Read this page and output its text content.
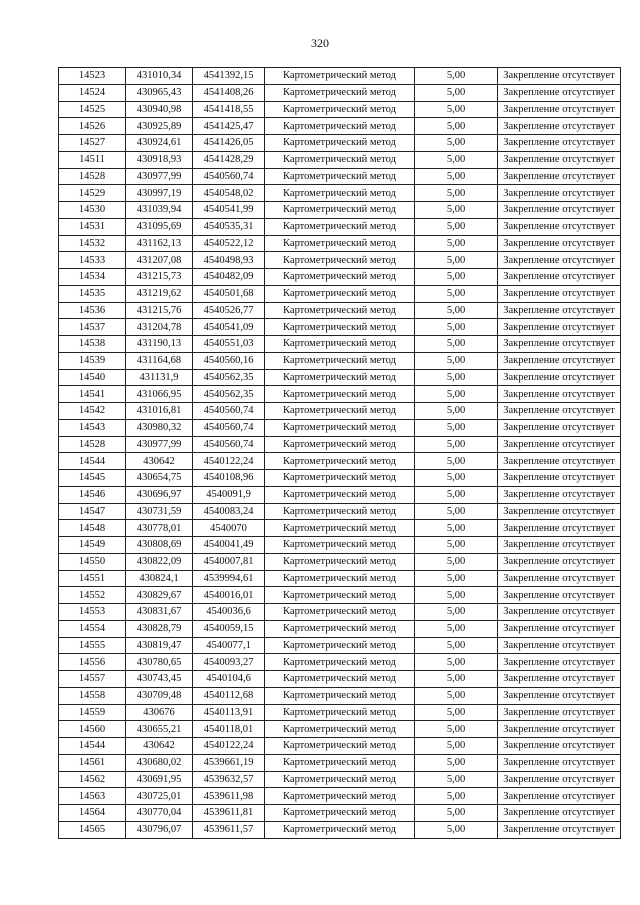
320
14523	431010,34	4541392,15	Картометрический метод	5,00	Закрепление отсутствует
14524	430965,43	4541408,26	Картометрический метод	5,00	Закрепление отсутствует
14525	430940,98	4541418,55	Картометрический метод	5,00	Закрепление отсутствует
14526	430925,89	4541425,47	Картометрический метод	5,00	Закрепление отсутствует
14527	430924,61	4541426,05	Картометрический метод	5,00	Закрепление отсутствует
14511	430918,93	4541428,29	Картометрический метод	5,00	Закрепление отсутствует
14528	430977,99	4540560,74	Картометрический метод	5,00	Закрепление отсутствует
14529	430997,19	4540548,02	Картометрический метод	5,00	Закрепление отсутствует
14530	431039,94	4540541,99	Картометрический метод	5,00	Закрепление отсутствует
14531	431095,69	4540535,31	Картометрический метод	5,00	Закрепление отсутствует
14532	431162,13	4540522,12	Картометрический метод	5,00	Закрепление отсутствует
14533	431207,08	4540498,93	Картометрический метод	5,00	Закрепление отсутствует
14534	431215,73	4540482,09	Картометрический метод	5,00	Закрепление отсутствует
14535	431219,62	4540501,68	Картометрический метод	5,00	Закрепление отсутствует
14536	431215,76	4540526,77	Картометрический метод	5,00	Закрепление отсутствует
14537	431204,78	4540541,09	Картометрический метод	5,00	Закрепление отсутствует
14538	431190,13	4540551,03	Картометрический метод	5,00	Закрепление отсутствует
14539	431164,68	4540560,16	Картометрический метод	5,00	Закрепление отсутствует
14540	431131,9	4540562,35	Картометрический метод	5,00	Закрепление отсутствует
14541	431066,95	4540562,35	Картометрический метод	5,00	Закрепление отсутствует
14542	431016,81	4540560,74	Картометрический метод	5,00	Закрепление отсутствует
14543	430980,32	4540560,74	Картометрический метод	5,00	Закрепление отсутствует
14528	430977,99	4540560,74	Картометрический метод	5,00	Закрепление отсутствует
14544	430642	4540122,24	Картометрический метод	5,00	Закрепление отсутствует
14545	430654,75	4540108,96	Картометрический метод	5,00	Закрепление отсутствует
14546	430696,97	4540091,9	Картометрический метод	5,00	Закрепление отсутствует
14547	430731,59	4540083,24	Картометрический метод	5,00	Закрепление отсутствует
14548	430778,01	4540070	Картометрический метод	5,00	Закрепление отсутствует
14549	430808,69	4540041,49	Картометрический метод	5,00	Закрепление отсутствует
14550	430822,09	4540007,81	Картометрический метод	5,00	Закрепление отсутствует
14551	430824,1	4539994,61	Картометрический метод	5,00	Закрепление отсутствует
14552	430829,67	4540016,01	Картометрический метод	5,00	Закрепление отсутствует
14553	430831,67	4540036,6	Картометрический метод	5,00	Закрепление отсутствует
14554	430828,79	4540059,15	Картометрический метод	5,00	Закрепление отсутствует
14555	430819,47	4540077,1	Картометрический метод	5,00	Закрепление отсутствует
14556	430780,65	4540093,27	Картометрический метод	5,00	Закрепление отсутствует
14557	430743,45	4540104,6	Картометрический метод	5,00	Закрепление отсутствует
14558	430709,48	4540112,68	Картометрический метод	5,00	Закрепление отсутствует
14559	430676	4540113,91	Картометрический метод	5,00	Закрепление отсутствует
14560	430655,21	4540118,01	Картометрический метод	5,00	Закрепление отсутствует
14544	430642	4540122,24	Картометрический метод	5,00	Закрепление отсутствует
14561	430680,02	4539661,19	Картометрический метод	5,00	Закрепление отсутствует
14562	430691,95	4539632,57	Картометрический метод	5,00	Закрепление отсутствует
14563	430725,01	4539611,98	Картометрический метод	5,00	Закрепление отсутствует
14564	430770,04	4539611,81	Картометрический метод	5,00	Закрепление отсутствует
14565	430796,07	4539611,57	Картометрический метод	5,00	Закрепление отсутствует
